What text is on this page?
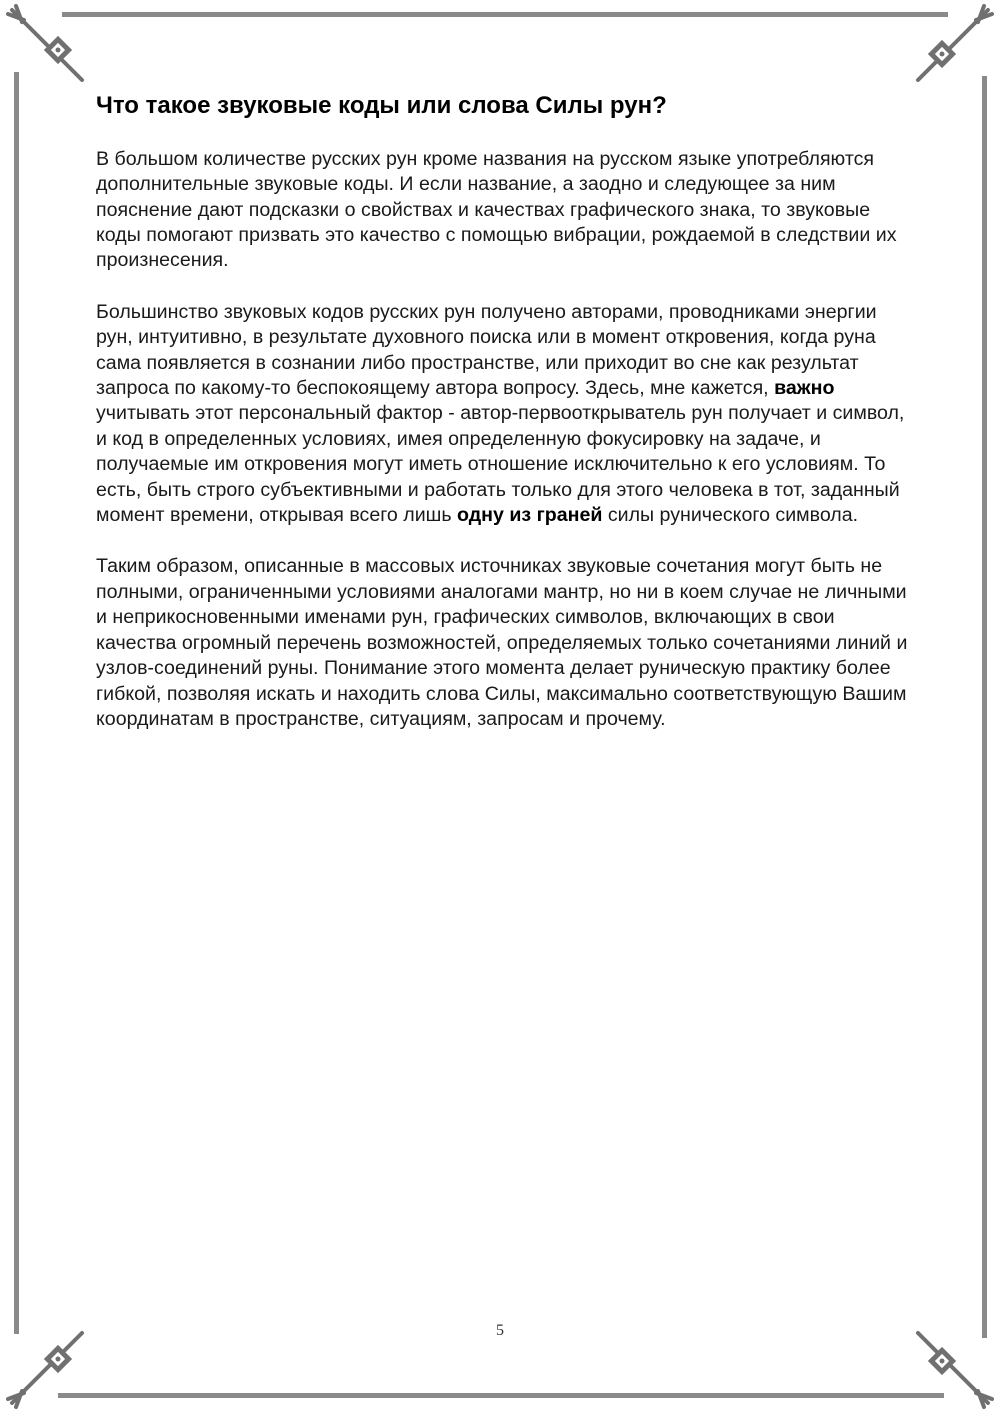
Что такое звуковые коды или слова Силы рун?

В большом количестве русских рун кроме названия на русском языке употребляются дополнительные звуковые коды. И если название, а заодно и следующее за ним пояснение дают подсказки о свойствах и качествах графического знака, то звуковые коды помогают призвать это качество с помощью вибрации, рождаемой в следствии их произнесения.

Большинство звуковых кодов русских рун получено авторами, проводниками энергии рун, интуитивно, в результате духовного поиска или в момент откровения, когда руна сама появляется в сознании либо пространстве, или приходит во сне как результат запроса по какому-то беспокоящему автора вопросу. Здесь, мне кажется, важно учитывать этот персональный фактор - автор-первооткрыватель рун получает и символ, и код в определенных условиях, имея определенную фокусировку на задаче, и получаемые им откровения могут иметь отношение исключительно к его условиям. То есть, быть строго субъективными и работать только для этого человека в тот, заданный момент времени, открывая всего лишь одну из граней силы рунического символа.

Таким образом, описанные в массовых источниках звуковые сочетания могут быть не полными, ограниченными условиями аналогами мантр, но ни в коем случае не личными и неприкосновенными именами рун, графических символов, включающих в свои качества огромный перечень возможностей, определяемых только сочетаниями линий и узлов-соединений руны. Понимание этого момента делает руническую практику более гибкой, позволяя искать и находить слова Силы, максимально соответствующую Вашим координатам в пространстве, ситуациям, запросам и прочему.

5
